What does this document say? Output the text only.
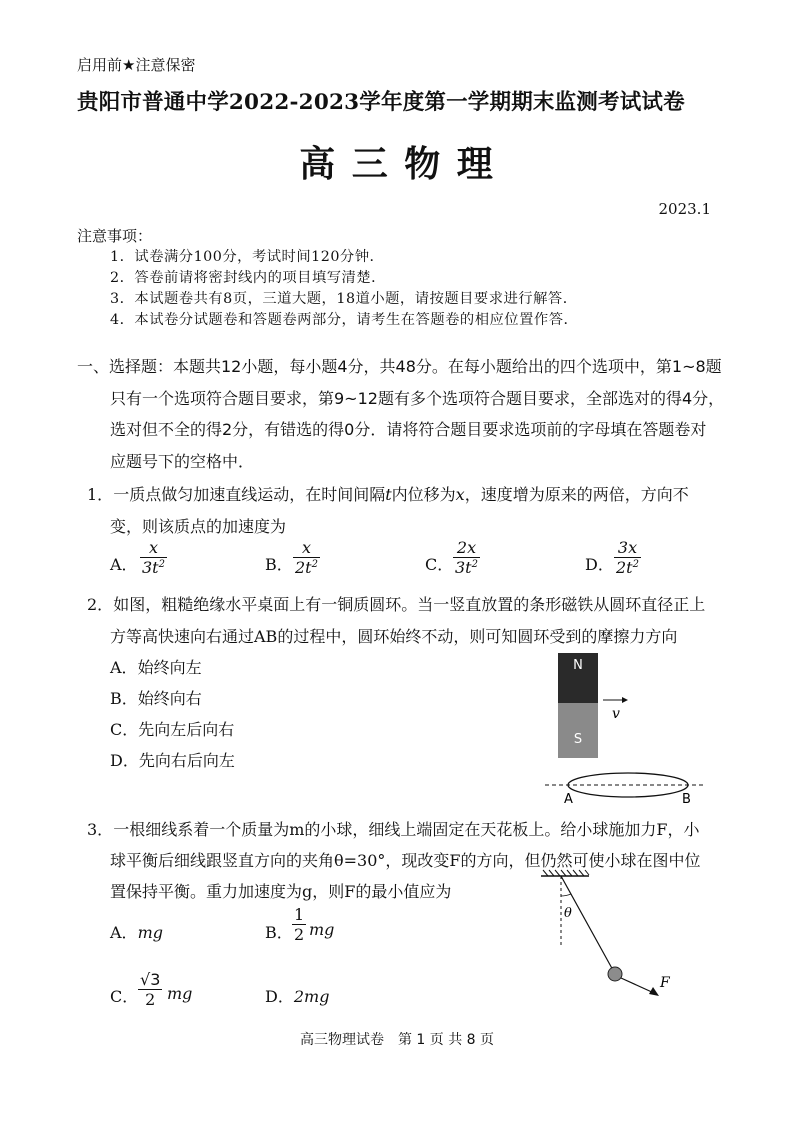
启用前★注意保密
贵阳市普通中学2022-2023学年度第一学期期末监测考试试卷
高 三 物 理
2023.1
注意事项：
1．试卷满分100分，考试时间120分钟．
2．答卷前请将密封线内的项目填写清楚．
3．本试题卷共有8页，三道大题，18道小题，请按题目要求进行解答．
4．本试卷分试题卷和答题卷两部分，请考生在答题卷的相应位置作答．
一、选择题：本题共12小题，每小题4分，共48分。在每小题给出的四个选项中，第1~8题
只有一个选项符合题目要求，第9~12题有多个选项符合题目要求，全部选对的得4分，
选对但不全的得2分，有错选的得0分．请将符合题目要求选项前的字母填在答题卷对
应题号下的空格中．
1．一质点做匀加速直线运动，在时间间隔t内位移为x，速度增为原来的两倍，方向不
变，则该质点的加速度为
A． $\frac{x}{3t^2}$	B． $\frac{x}{2t^2}$	C． $\frac{2x}{3t^2}$	D． $\frac{3x}{2t^2}$
2．如图，粗糙绝缘水平桌面上有一铜质圆环。当一竖直放置的条形磁铁从圆环直径正上
方等高快速向右通过AB的过程中，圆环始终不动，则可知圆环受到的摩擦力方向
A．始终向左
B．始终向右
C．先向左后向右
D．先向右后向左
N
S
v
A	B
3．一根细线系着一个质量为m的小球，细线上端固定在天花板上。给小球施加力F，小
球平衡后细线跟竖直方向的夹角θ=30°，现改变F的方向，但仍然可使小球在图中位
置保持平衡。重力加速度为g，则F的最小值应为
A．mg	B． $\frac{1}{2}$ mg
C． $\frac{√3}{2}$ mg	D．2mg
θ
F
高三物理试卷　第 1 页 共 8 页
